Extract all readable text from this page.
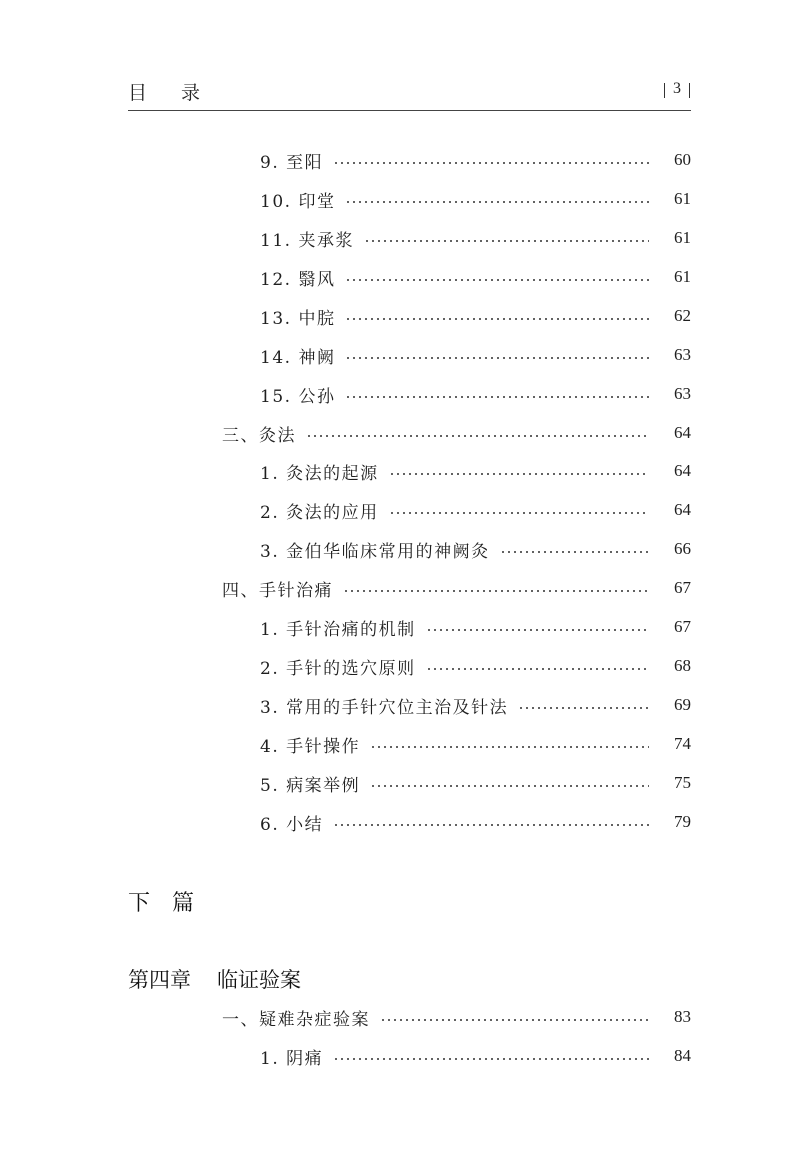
目 录	3
9. 至阳	60
10. 印堂	61
11. 夹承浆	61
12. 翳风	61
13. 中脘	62
14. 神阙	63
15. 公孙	63
三、灸法	64
1. 灸法的起源	64
2. 灸法的应用	64
3. 金伯华临床常用的神阙灸	66
四、手针治痛	67
1. 手针治痛的机制	67
2. 手针的选穴原则	68
3. 常用的手针穴位主治及针法	69
4. 手针操作	74
5. 病案举例	75
6. 小结	79
下篇
第四章 临证验案
一、疑难杂症验案	83
1. 阴痛	84
